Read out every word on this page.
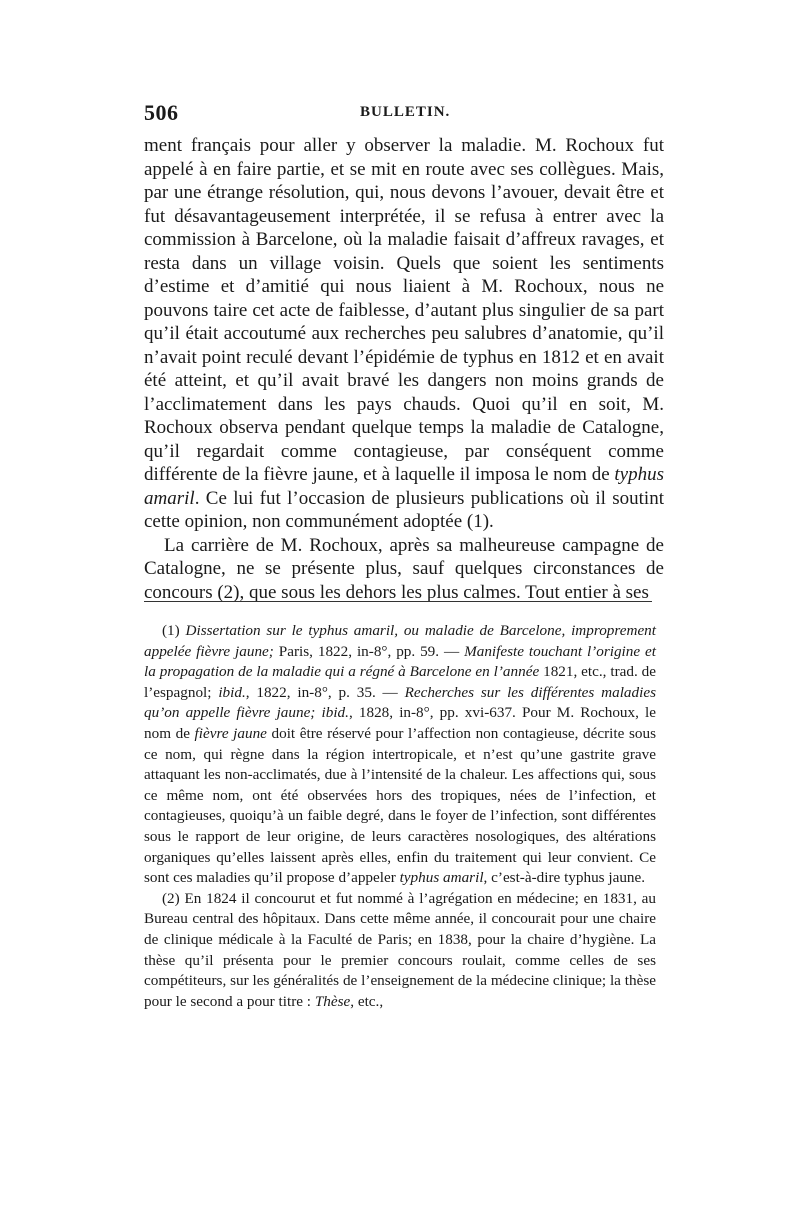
506	BULLETIN.

ment français pour aller y observer la maladie. M. Rochoux fut appelé à en faire partie, et se mit en route avec ses collègues. Mais, par une étrange résolution, qui, nous devons l’avouer, devait être et fut désavantageusement interprétée, il se refusa à entrer avec la commission à Barcelone, où la maladie faisait d’affreux ravages, et resta dans un village voisin. Quels que soient les sentiments d’estime et d’amitié qui nous liaient à M. Rochoux, nous ne pouvons taire cet acte de faiblesse, d’autant plus singulier de sa part qu’il était accoutumé aux recherches peu salubres d’anatomie, qu’il n’avait point reculé devant l’épidémie de typhus en 1812 et en avait été atteint, et qu’il avait bravé les dangers non moins grands de l’acclimatement dans les pays chauds. Quoi qu’il en soit, M. Rochoux observa pendant quelque temps la maladie de Catalogne, qu’il regardait comme contagieuse, par conséquent comme différente de la fièvre jaune, et à laquelle il imposa le nom de typhus amaril. Ce lui fut l’occasion de plusieurs publications où il soutint cette opinion, non communément adoptée (1).

La carrière de M. Rochoux, après sa malheureuse campagne de Catalogne, ne se présente plus, sauf quelques circonstances de concours (2), que sous les dehors les plus calmes. Tout entier à ses

(1) Dissertation sur le typhus amaril, ou maladie de Barcelone, improprement appelée fièvre jaune; Paris, 1822, in-8°, pp. 59. — Manifeste touchant l’origine et la propagation de la maladie qui a régné à Barcelone en l’année 1821, etc., trad. de l’espagnol; ibid., 1822, in-8°, p. 35. — Recherches sur les différentes maladies qu’on appelle fièvre jaune; ibid., 1828, in-8°, pp. xvi-637. Pour M. Rochoux, le nom de fièvre jaune doit être réservé pour l’affection non contagieuse, décrite sous ce nom, qui règne dans la région intertropicale, et n’est qu’une gastrite grave attaquant les non-acclimatés, due à l’intensité de la chaleur. Les affections qui, sous ce même nom, ont été observées hors des tropiques, nées de l’infection, et contagieuses, quoiqu’à un faible degré, dans le foyer de l’infection, sont différentes sous le rapport de leur origine, de leurs caractères nosologiques, des altérations organiques qu’elles laissent après elles, enfin du traitement qui leur convient. Ce sont ces maladies qu’il propose d’appeler typhus amaril, c’est-à-dire typhus jaune.

(2) En 1824 il concourut et fut nommé à l’agrégation en médecine; en 1831, au Bureau central des hôpitaux. Dans cette même année, il concourait pour une chaire de clinique médicale à la Faculté de Paris; en 1838, pour la chaire d’hygiène. La thèse qu’il présenta pour le premier concours roulait, comme celles de ses compétiteurs, sur les généralités de l’enseignement de la médecine clinique; la thèse pour le second a pour titre : Thèse, etc.,
